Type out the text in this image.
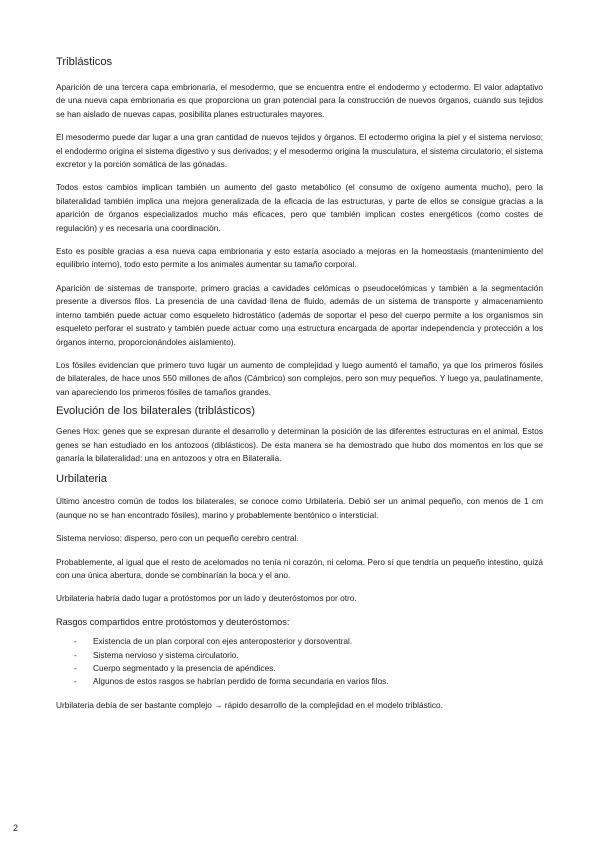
Triblásticos

Aparición de una tercera capa embrionaria, el mesodermo, que se encuentra entre el endodermo y ectodermo. El valor adaptativo de una nueva capa embrionaria es que proporciona un gran potencial para la construcción de nuevos órganos, cuando sus tejidos se han aislado de nuevas capas, posibilita planes estructurales mayores.

El mesodermo puede dar lugar a una gran cantidad de nuevos tejidos y órganos. El ectodermo origina la piel y el sistema nervioso; el endodermo origina el sistema digestivo y sus derivados; y el mesodermo origina la musculatura, el sistema circulatorio, el sistema excretor y la porción somática de las gónadas.

Todos estos cambios implican también un aumento del gasto metabólico (el consumo de oxígeno aumenta mucho), pero la bilateralidad también implica una mejora generalizada de la eficacia de las estructuras, y parte de ellos se consigue gracias a la aparición de órganos especializados mucho más eficaces, pero que también implican costes energéticos (como costes de regulación) y es necesaria una coordinación.

Esto es posible gracias a esa nueva capa embrionaria y esto estaría asociado a mejoras en la homeostasis (mantenimiento del equilibrio interno), todo esto permite a los animales aumentar su tamaño corporal.

Aparición de sistemas de transporte, primero gracias a cavidades celómicas o pseudocelómicas y también a la segmentación presente a diversos filos. La presencia de una cavidad llena de fluido, además de un sistema de transporte y almacenamiento interno también puede actuar como esqueleto hidrostático (además de soportar el peso del cuerpo permite a los organismos sin esqueleto perforar el sustrato y también puede actuar como una estructura encargada de aportar independencia y protección a los órganos interno, proporcionándoles aislamiento).

Los fósiles evidencian que primero tuvo lugar un aumento de complejidad y luego aumentó el tamaño, ya que los primeros fósiles de bilaterales, de hace unos 550 millones de años (Cámbrico) son complejos, pero son muy pequeños. Y luego ya, paulatinamente, van apareciendo los primeros fósiles de tamaños grandes.

Evolución de los bilaterales (triblásticos)

Genes Hox: genes que se expresan durante el desarrollo y determinan la posición de las diferentes estructuras en el animal. Estos genes se han estudiado en los antozoos (diblásticos). De esta manera se ha demostrado que hubo dos momentos en los que se ganaría la bilateralidad: una en antozoos y otra en Bilateralia.

Urbilateria

Último ancestro común de todos los bilaterales, se conoce como Urbilateria. Debió ser un animal pequeño, con menos de 1 cm (aunque no se han encontrado fósiles), marino y probablemente bentónico o intersticial.

Sistema nervioso: disperso, pero con un pequeño cerebro central.

Probablemente, al igual que el resto de acelomados no tenía ni corazón, ni celoma. Pero sí que tendría un pequeño intestino, quizá con una única abertura, donde se combinarían la boca y el ano.

Urbilateria habría dado lugar a protóstomos por un lado y deuteróstomos por otro.

Rasgos compartidos entre protóstomos y deuteróstomos:

- Existencia de un plan corporal con ejes anteroposterior y dorsoventral.
- Sistema nervioso y sistema circulatorio.
- Cuerpo segmentado y la presencia de apéndices.
- Algunos de estos rasgos se habrían perdido de forma secundaria en varios filos.

Urbilateria debía de ser bastante complejo → rápido desarrollo de la complejidad en el modelo triblástico.

2
